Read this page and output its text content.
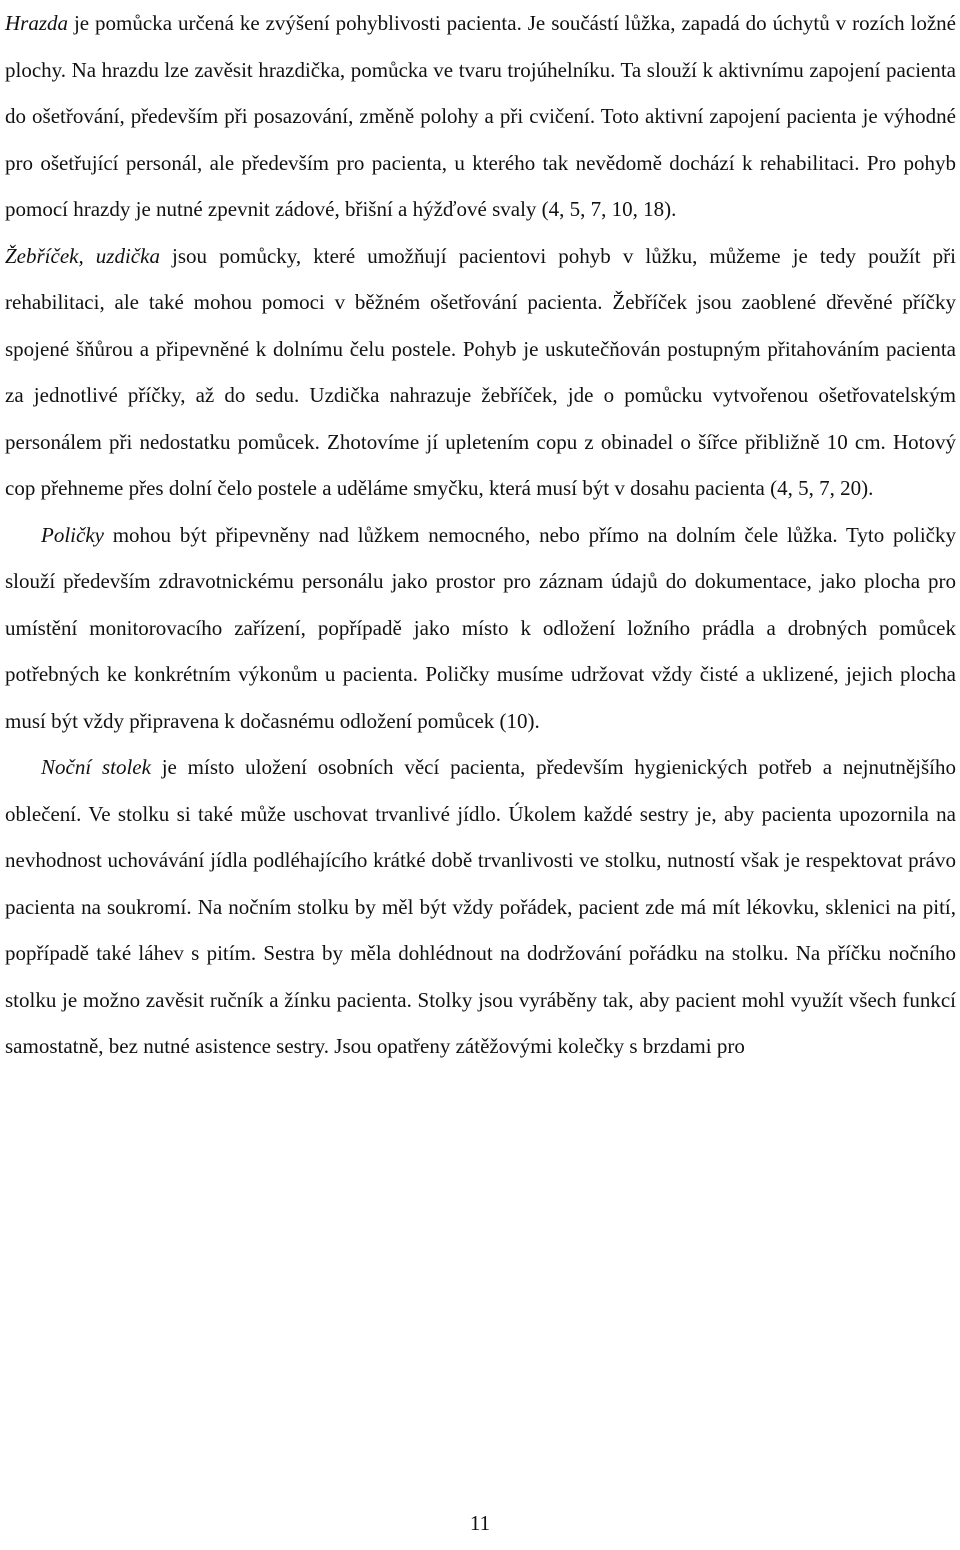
Hrazda je pomůcka určená ke zvýšení pohyblivosti pacienta. Je součástí lůžka, zapadá do úchytů v rozích ložné plochy. Na hrazdu lze zavěsit hrazdička, pomůcka ve tvaru trojúhelníku. Ta slouží k aktivnímu zapojení pacienta do ošetřování, především při posazování, změně polohy a při cvičení. Toto aktivní zapojení pacienta je výhodné pro ošetřující personál, ale především pro pacienta, u kterého tak nevědomě dochází k rehabilitaci. Pro pohyb pomocí hrazdy je nutné zpevnit zádové, břišní a hýžďové svaly (4, 5, 7, 10, 18).

Žebříček, uzdička jsou pomůcky, které umožňují pacientovi pohyb v lůžku, můžeme je tedy použít při rehabilitaci, ale také mohou pomoci v běžném ošetřování pacienta. Žebříček jsou zaoblené dřevěné příčky spojené šňůrou a připevněné k dolnímu čelu postele. Pohyb je uskutečňován postupným přitahováním pacienta za jednotlivé příčky, až do sedu. Uzdička nahrazuje žebříček, jde o pomůcku vytvořenou ošetřovatelským personálem při nedostatku pomůcek. Zhotovíme jí upletením copu z obinadel o šířce přibližně 10 cm. Hotový cop přehneme přes dolní čelo postele a uděláme smyčku, která musí být v dosahu pacienta (4, 5, 7, 20).

Poličky mohou být připevněny nad lůžkem nemocného, nebo přímo na dolním čele lůžka. Tyto poličky slouží především zdravotnickému personálu jako prostor pro záznam údajů do dokumentace, jako plocha pro umístění monitorovacího zařízení, popřípadě jako místo k odložení ložního prádla a drobných pomůcek potřebných ke konkrétním výkonům u pacienta. Poličky musíme udržovat vždy čisté a uklizené, jejich plocha musí být vždy připravena k dočasnému odložení pomůcek (10).

Noční stolek je místo uložení osobních věcí pacienta, především hygienických potřeb a nejnutnějšího oblečení. Ve stolku si také může uschovat trvanlivé jídlo. Úkolem každé sestry je, aby pacienta upozornila na nevhodnost uchovávání jídla podléhajícího krátké době trvanlivosti ve stolku, nutností však je respektovat právo pacienta na soukromí. Na nočním stolku by měl být vždy pořádek, pacient zde má mít lékovku, sklenici na pití, popřípadě také láhev s pitím. Sestra by měla dohlédnout na dodržování pořádku na stolku. Na příčku nočního stolku je možno zavěsit ručník a žínku pacienta. Stolky jsou vyráběny tak, aby pacient mohl využít všech funkcí samostatně, bez nutné asistence sestry. Jsou opatřeny zátěžovými kolečky s brzdami pro

11
